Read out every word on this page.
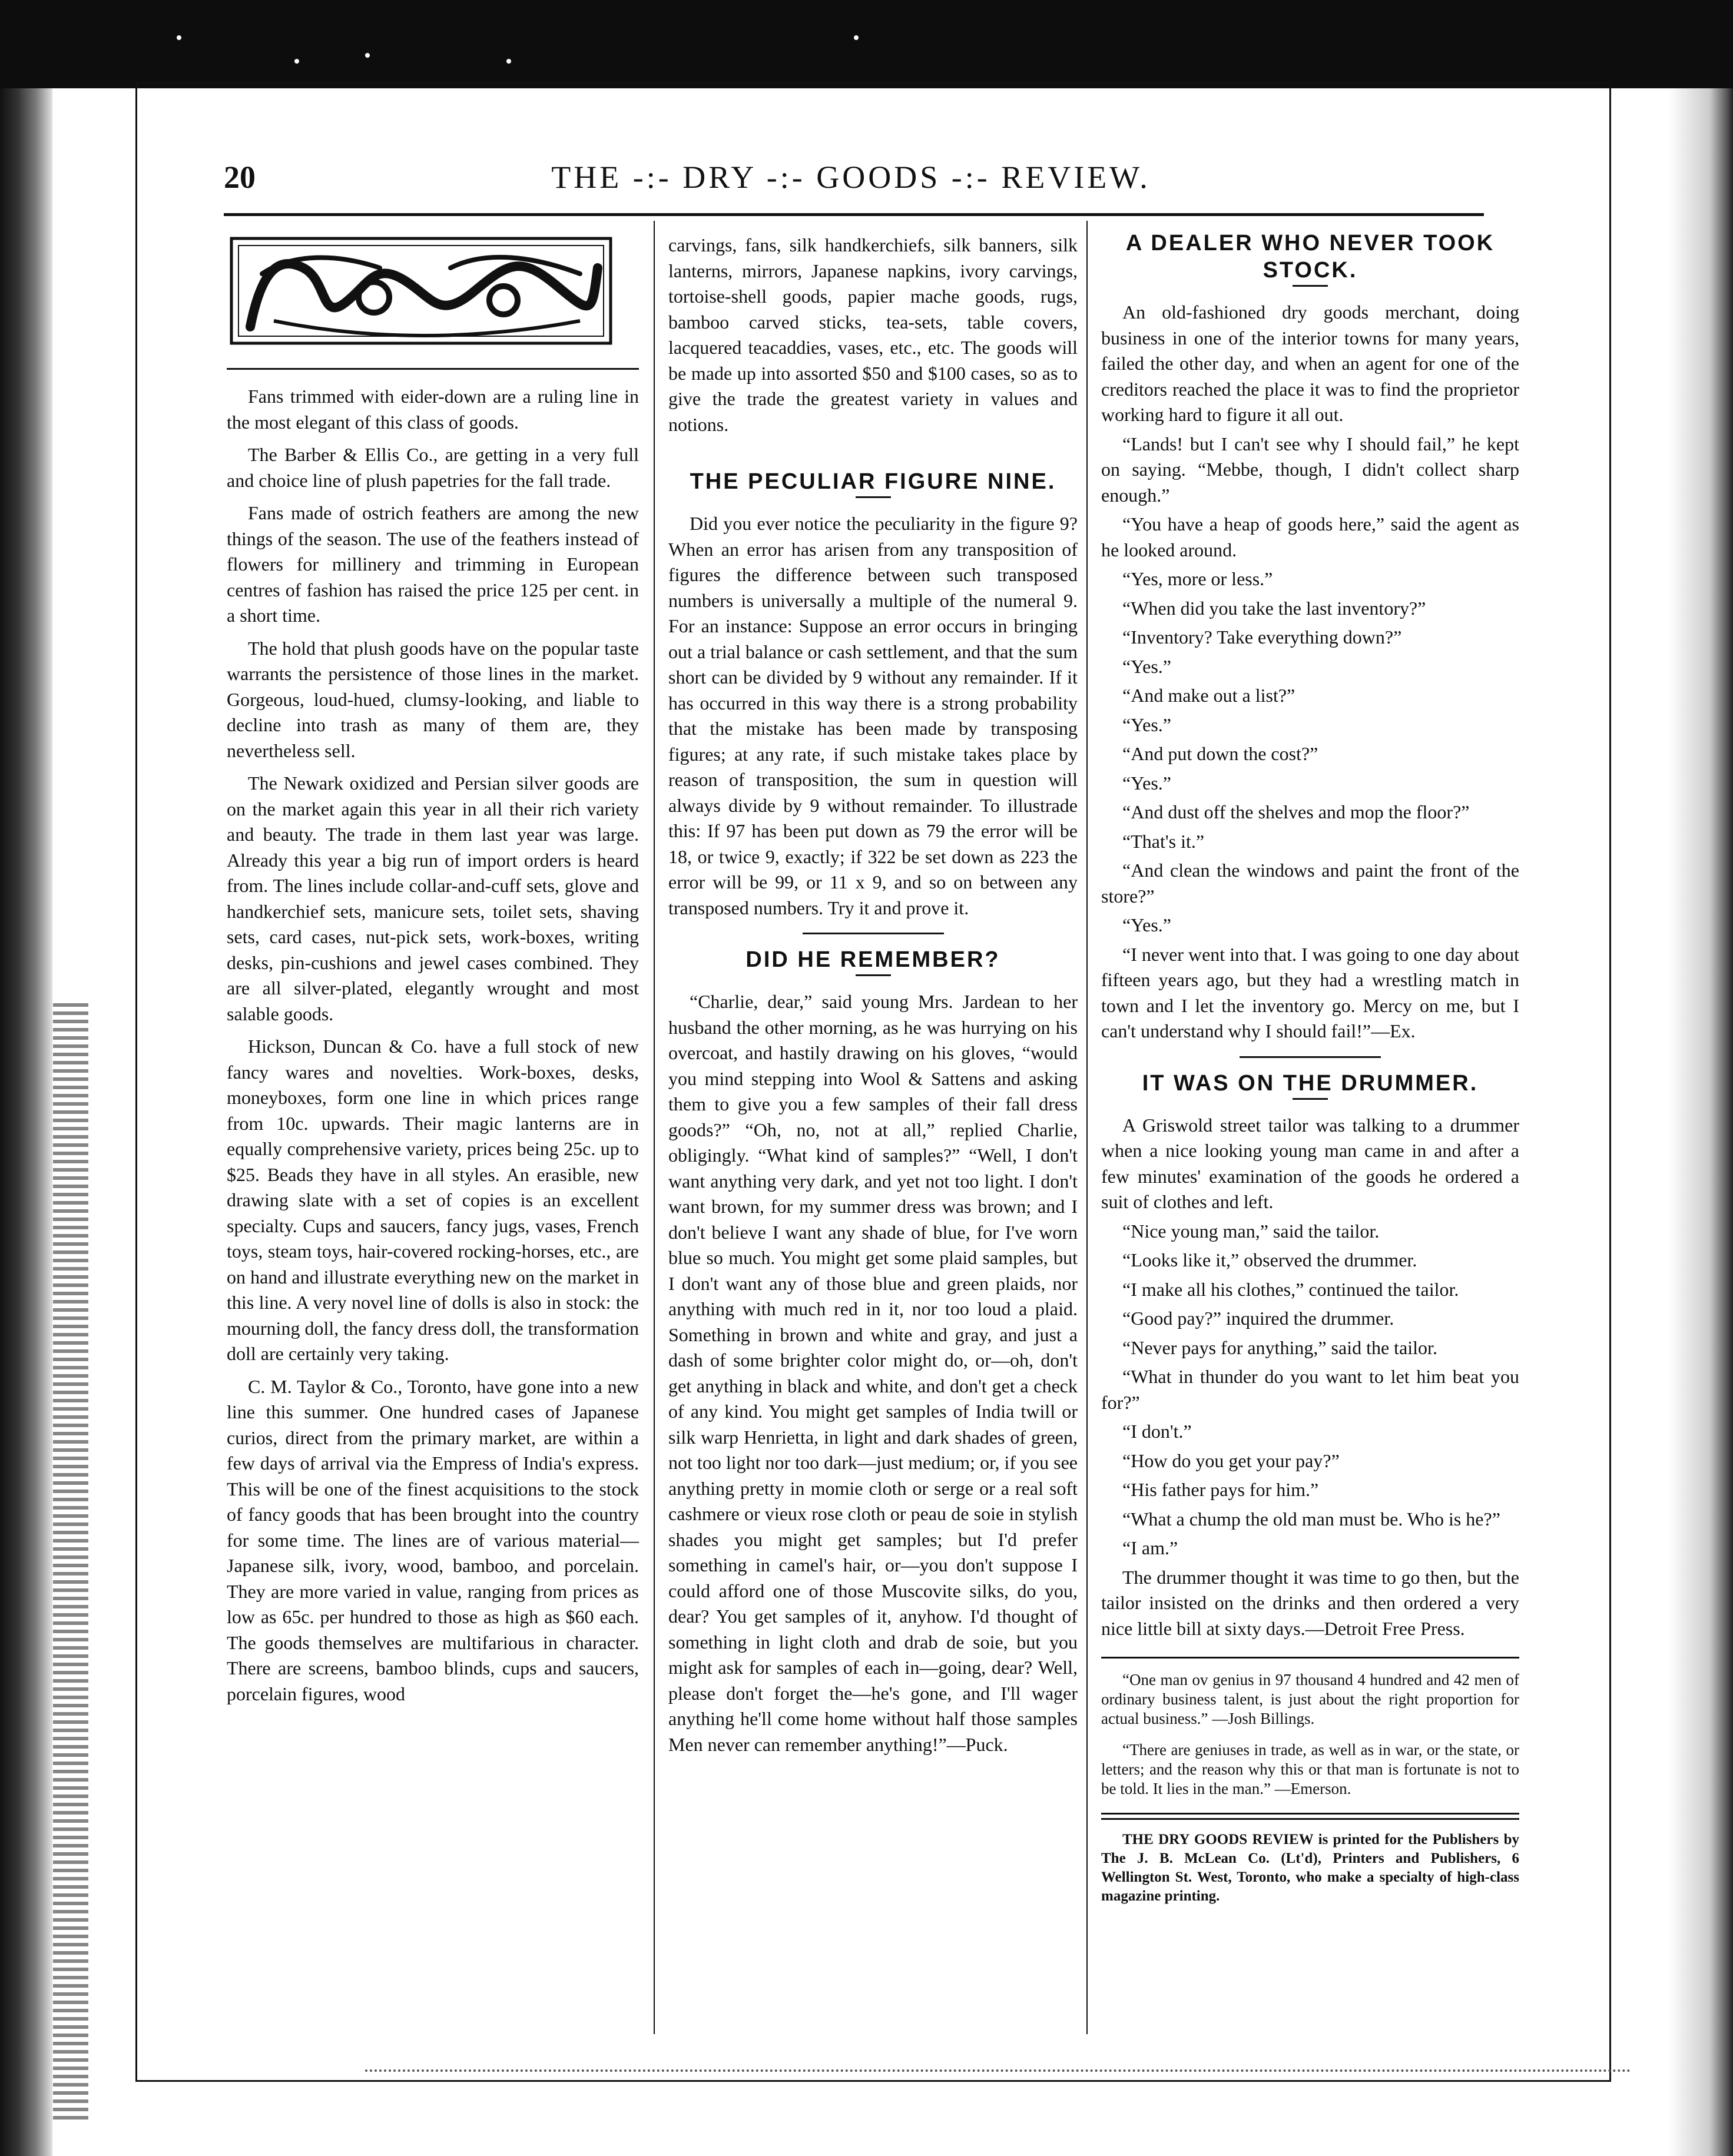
20	THE -:- DRY -:- GOODS -:- REVIEW.

Fans trimmed with eider-down are a ruling line in the most elegant of this class of goods.

The Barber & Ellis Co., are getting in a very full and choice line of plush papetries for the fall trade.

Fans made of ostrich feathers are among the new things of the season. The use of the feathers instead of flowers for millinery and trimming in European centres of fashion has raised the price 125 per cent. in a short time.

The hold that plush goods have on the popular taste warrants the persistence of those lines in the market. Gorgeous, loud-hued, clumsy-looking, and liable to decline into trash as many of them are, they nevertheless sell.

The Newark oxidized and Persian silver goods are on the market again this year in all their rich variety and beauty. The trade in them last year was large. Already this year a big run of import orders is heard from. The lines include collar-and-cuff sets, glove and handkerchief sets, manicure sets, toilet sets, shaving sets, card cases, nut-pick sets, work-boxes, writing desks, pin-cushions and jewel cases combined. They are all silver-plated, elegantly wrought and most salable goods.

Hickson, Duncan & Co. have a full stock of new fancy wares and novelties. Work-boxes, desks, moneyboxes, form one line in which prices range from 10c. upwards. Their magic lanterns are in equally comprehensive variety, prices being 25c. up to $25. Beads they have in all styles. An erasible, new drawing slate with a set of copies is an excellent specialty. Cups and saucers, fancy jugs, vases, French toys, steam toys, hair-covered rocking-horses, etc., are on hand and illustrate everything new on the market in this line. A very novel line of dolls is also in stock: the mourning doll, the fancy dress doll, the transformation doll are certainly very taking.

C. M. Taylor & Co., Toronto, have gone into a new line this summer. One hundred cases of Japanese curios, direct from the primary market, are within a few days of arrival via the Empress of India's express. This will be one of the finest acquisitions to the stock of fancy goods that has been brought into the country for some time. The lines are of various material—Japanese silk, ivory, wood, bamboo, and porcelain. They are more varied in value, ranging from prices as low as 65c. per hundred to those as high as $60 each. The goods themselves are multifarious in character. There are screens, bamboo blinds, cups and saucers, porcelain figures, wood

carvings, fans, silk handkerchiefs, silk banners, silk lanterns, mirrors, Japanese napkins, ivory carvings, tortoise-shell goods, papier mache goods, rugs, bamboo carved sticks, tea-sets, table covers, lacquered teacaddies, vases, etc., etc. The goods will be made up into assorted $50 and $100 cases, so as to give the trade the greatest variety in values and notions.

THE PECULIAR FIGURE NINE.

Did you ever notice the peculiarity in the figure 9? When an error has arisen from any transposition of figures the difference between such transposed numbers is universally a multiple of the numeral 9. For an instance: Suppose an error occurs in bringing out a trial balance or cash settlement, and that the sum short can be divided by 9 without any remainder. If it has occurred in this way there is a strong probability that the mistake has been made by transposing figures; at any rate, if such mistake takes place by reason of transposition, the sum in question will always divide by 9 without remainder. To illustrade this: If 97 has been put down as 79 the error will be 18, or twice 9, exactly; if 322 be set down as 223 the error will be 99, or 11 x 9, and so on between any transposed numbers. Try it and prove it.

DID HE REMEMBER?

“Charlie, dear,” said young Mrs. Jardean to her husband the other morning, as he was hurrying on his overcoat, and hastily drawing on his gloves, “would you mind stepping into Wool & Sattens and asking them to give you a few samples of their fall dress goods?” “Oh, no, not at all,” replied Charlie, obligingly. “What kind of samples?” “Well, I don't want anything very dark, and yet not too light. I don't want brown, for my summer dress was brown; and I don't believe I want any shade of blue, for I've worn blue so much. You might get some plaid samples, but I don't want any of those blue and green plaids, nor anything with much red in it, nor too loud a plaid. Something in brown and white and gray, and just a dash of some brighter color might do, or—oh, don't get anything in black and white, and don't get a check of any kind. You might get samples of India twill or silk warp Henrietta, in light and dark shades of green, not too light nor too dark—just medium; or, if you see anything pretty in momie cloth or serge or a real soft cashmere or vieux rose cloth or peau de soie in stylish shades you might get samples; but I'd prefer something in camel's hair, or—you don't suppose I could afford one of those Muscovite silks, do you, dear? You get samples of it, anyhow. I'd thought of something in light cloth and drab de soie, but you might ask for samples of each in—going, dear? Well, please don't forget the—he's gone, and I'll wager anything he'll come home without half those samples Men never can remember anything!”—Puck.

A DEALER WHO NEVER TOOK STOCK.

An old-fashioned dry goods merchant, doing business in one of the interior towns for many years, failed the other day, and when an agent for one of the creditors reached the place it was to find the proprietor working hard to figure it all out.

“Lands! but I can't see why I should fail,” he kept on saying. “Mebbe, though, I didn't collect sharp enough.”

“You have a heap of goods here,” said the agent as he looked around.

“Yes, more or less.”

“When did you take the last inventory?”

“Inventory? Take everything down?”

“Yes.”

“And make out a list?”

“Yes.”

“And put down the cost?”

“Yes.”

“And dust off the shelves and mop the floor?”

“That's it.”

“And clean the windows and paint the front of the store?”

“Yes.”

“I never went into that. I was going to one day about fifteen years ago, but they had a wrestling match in town and I let the inventory go. Mercy on me, but I can't understand why I should fail!”—Ex.

IT WAS ON THE DRUMMER.

A Griswold street tailor was talking to a drummer when a nice looking young man came in and after a few minutes' examination of the goods he ordered a suit of clothes and left.

“Nice young man,” said the tailor.

“Looks like it,” observed the drummer.

“I make all his clothes,” continued the tailor.

“Good pay?” inquired the drummer.

“Never pays for anything,” said the tailor.

“What in thunder do you want to let him beat you for?”

“I don't.”

“How do you get your pay?”

“His father pays for him.”

“What a chump the old man must be. Who is he?”

“I am.”

The drummer thought it was time to go then, but the tailor insisted on the drinks and then ordered a very nice little bill at sixty days.—Detroit Free Press.

“One man ov genius in 97 thousand 4 hundred and 42 men of ordinary business talent, is just about the right proportion for actual business.” —Josh Billings.

“There are geniuses in trade, as well as in war, or the state, or letters; and the reason why this or that man is fortunate is not to be told. It lies in the man.” —Emerson.

THE DRY GOODS REVIEW is printed for the Publishers by The J. B. McLean Co. (Lt'd), Printers and Publishers, 6 Wellington St. West, Toronto, who make a specialty of high-class magazine printing.
